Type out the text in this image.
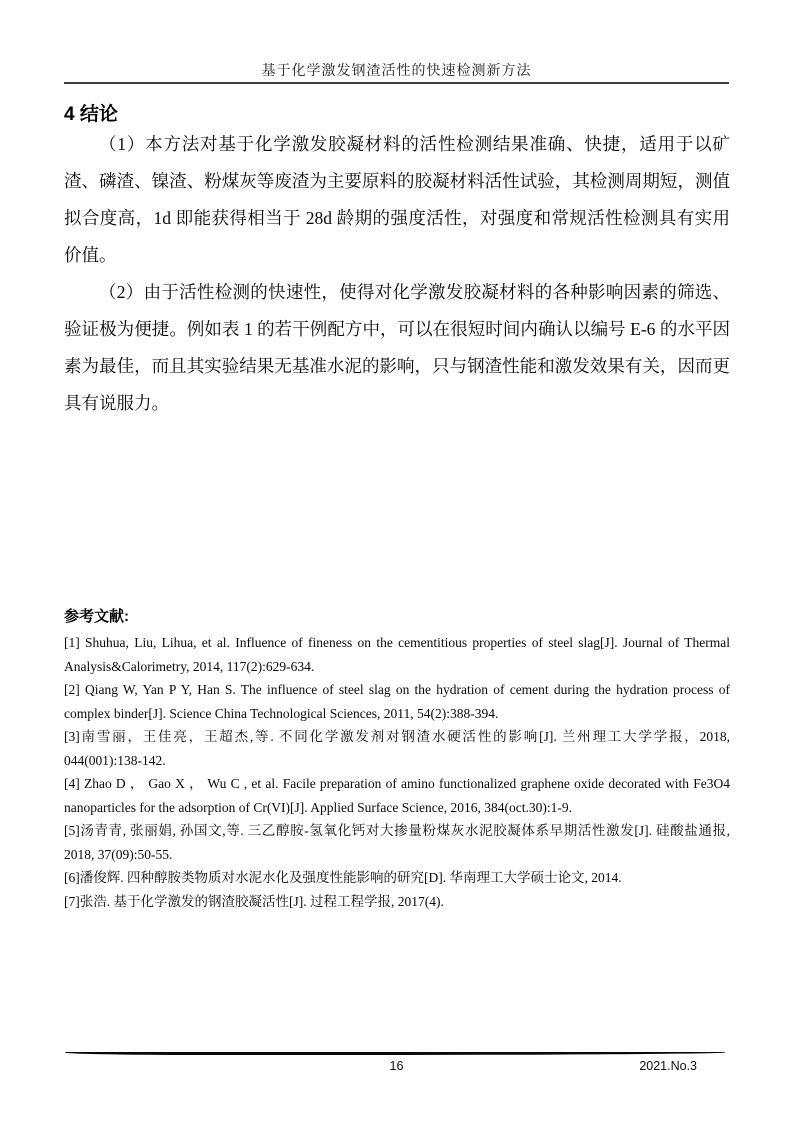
基于化学激发钢渣活性的快速检测新方法
4 结论

（1）本方法对基于化学激发胶凝材料的活性检测结果准确、快捷，适用于以矿渣、磷渣、镍渣、粉煤灰等废渣为主要原料的胶凝材料活性试验，其检测周期短，测值拟合度高，1d 即能获得相当于 28d 龄期的强度活性，对强度和常规活性检测具有实用价值。

（2）由于活性检测的快速性，使得对化学激发胶凝材料的各种影响因素的筛选、验证极为便捷。例如表 1 的若干例配方中，可以在很短时间内确认以编号 E-6 的水平因素为最佳，而且其实验结果无基准水泥的影响，只与钢渣性能和激发效果有关，因而更具有说服力。

参考文献:

[1] Shuhua, Liu, Lihua, et al. Influence of fineness on the cementitious properties of steel slag[J]. Journal of Thermal Analysis&Calorimetry, 2014, 117(2):629-634.

[2] Qiang W, Yan P Y, Han S. The influence of steel slag on the hydration of cement during the hydration process of complex binder[J]. Science China Technological Sciences, 2011, 54(2):388-394.

[3]南雪丽，王佳亮，王超杰,等. 不同化学激发剂对钢渣水硬活性的影响[J]. 兰州理工大学学报，2018, 044(001):138-142.

[4] Zhao D ， Gao X ， Wu C , et al. Facile preparation of amino functionalized graphene oxide decorated with Fe3O4 nanoparticles for the adsorption of Cr(VI)[J]. Applied Surface Science, 2016, 384(oct.30):1-9.

[5]汤青青, 张丽娟, 孙国文,等. 三乙醇胺-氢氧化钙对大掺量粉煤灰水泥胶凝体系早期活性激发[J]. 硅酸盐通报, 2018, 37(09):50-55.

[6]潘俊辉. 四种醇胺类物质对水泥水化及强度性能影响的研究[D]. 华南理工大学硕士论文, 2014.

[7]张浩. 基于化学激发的钢渣胶凝活性[J]. 过程工程学报, 2017(4).

16	2021.No.3
